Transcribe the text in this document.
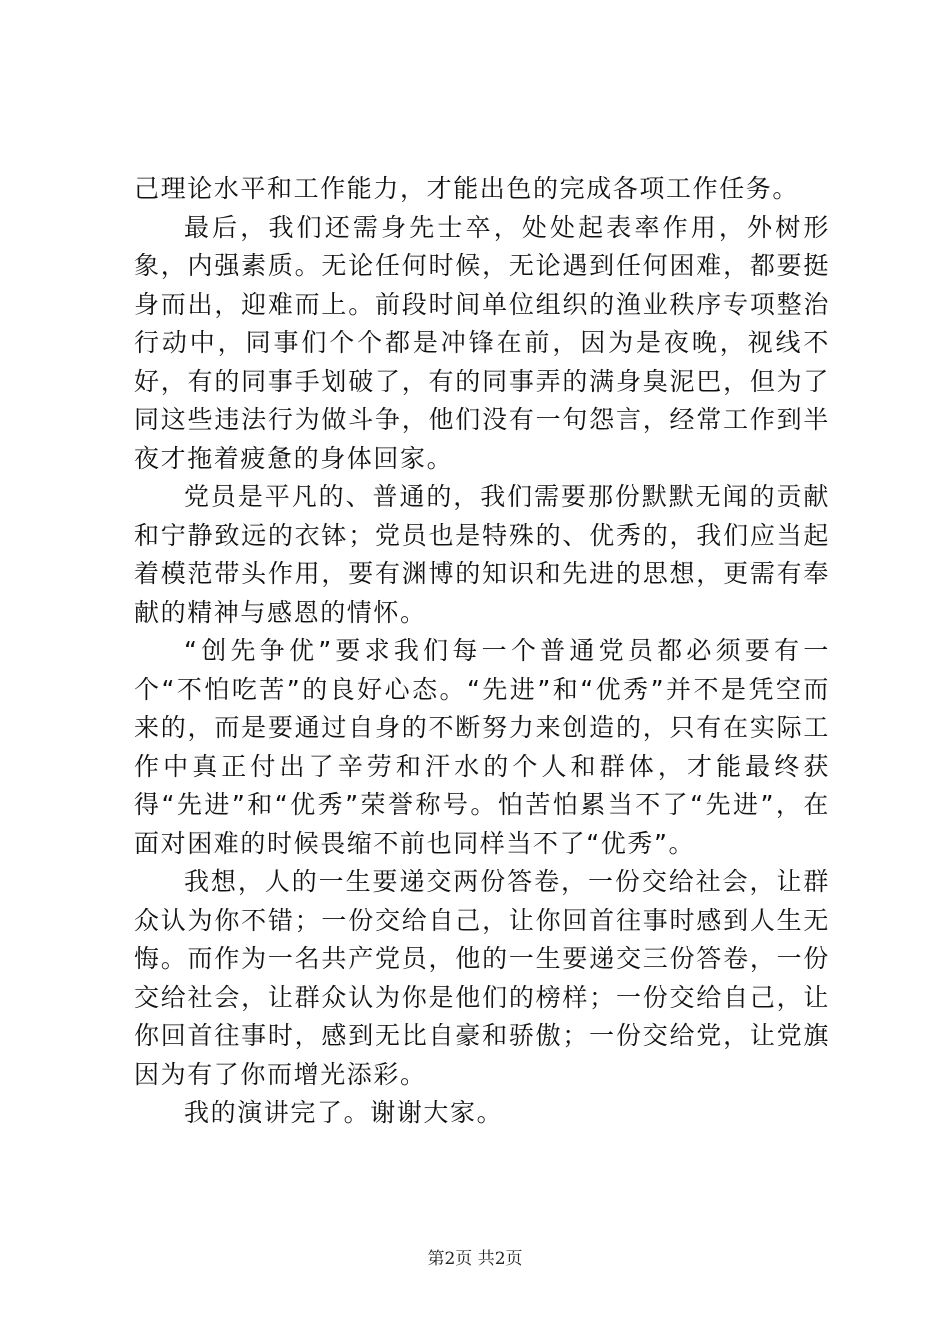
己理论水平和工作能力，才能出色的完成各项工作任务。

最后，我们还需身先士卒，处处起表率作用，外树形象，内强素质。无论任何时候，无论遇到任何困难，都要挺身而出，迎难而上。前段时间单位组织的渔业秩序专项整治行动中，同事们个个都是冲锋在前，因为是夜晚，视线不好，有的同事手划破了，有的同事弄的满身臭泥巴，但为了同这些违法行为做斗争，他们没有一句怨言，经常工作到半夜才拖着疲惫的身体回家。

党员是平凡的、普通的，我们需要那份默默无闻的贡献和宁静致远的衣钵；党员也是特殊的、优秀的，我们应当起着模范带头作用，要有渊博的知识和先进的思想，更需有奉献的精神与感恩的情怀。

“创先争优”要求我们每一个普通党员都必须要有一个“不怕吃苦”的良好心态。“先进”和“优秀”并不是凭空而来的，而是要通过自身的不断努力来创造的，只有在实际工作中真正付出了辛劳和汗水的个人和群体，才能最终获得“先进”和“优秀”荣誉称号。怕苦怕累当不了“先进”，在面对困难的时候畏缩不前也同样当不了“优秀”。

我想，人的一生要递交两份答卷，一份交给社会，让群众认为你不错；一份交给自己，让你回首往事时感到人生无悔。而作为一名共产党员，他的一生要递交三份答卷，一份交给社会，让群众认为你是他们的榜样；一份交给自己，让你回首往事时，感到无比自豪和骄傲；一份交给党，让党旗因为有了你而增光添彩。

我的演讲完了。谢谢大家。

第2页 共2页
